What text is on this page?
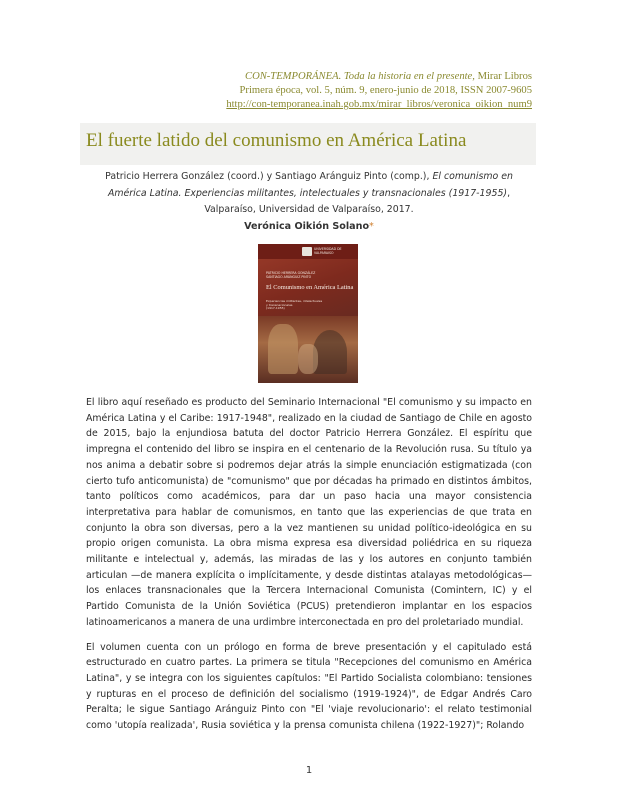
CON-TEMPORÁNEA. Toda la historia en el presente, Mirar Libros
Primera época, vol. 5, núm. 9, enero-junio de 2018, ISSN 2007-9605
http://con-temporanea.inah.gob.mx/mirar_libros/veronica_oikion_num9
El fuerte latido del comunismo en América Latina
Patricio Herrera González (coord.) y Santiago Aránguiz Pinto (comp.), El comunismo en América Latina. Experiencias militantes, intelectuales y transnacionales (1917-1955), Valparaíso, Universidad de Valparaíso, 2017.
Verónica Oikión Solano*
UNIVERSIDAD DE VALPARAISO
PATRICIO HERRERA GONZÁLEZ
SANTIAGO ARÁNGUIZ PINTO
El Comunismo en América Latina
Experiencias militantes, intelectuales
y transnacionales
(1917-1955)

El libro aquí reseñado es producto del Seminario Internacional "El comunismo y su impacto en América Latina y el Caribe: 1917-1948", realizado en la ciudad de Santiago de Chile en agosto de 2015, bajo la enjundiosa batuta del doctor Patricio Herrera González. El espíritu que impregna el contenido del libro se inspira en el centenario de la Revolución rusa. Su título ya nos anima a debatir sobre si podremos dejar atrás la simple enunciación estigmatizada (con cierto tufo anticomunista) de "comunismo" que por décadas ha primado en distintos ámbitos, tanto políticos como académicos, para dar un paso hacia una mayor consistencia interpretativa para hablar de comunismos, en tanto que las experiencias de que trata en conjunto la obra son diversas, pero a la vez mantienen su unidad político-ideológica en su propio origen comunista. La obra misma expresa esa diversidad poliédrica en su riqueza militante e intelectual y, además, las miradas de las y los autores en conjunto también articulan —de manera explícita o implícitamente, y desde distintas atalayas metodológicas— los enlaces transnacionales que la Tercera Internacional Comunista (Comintern, IC) y el Partido Comunista de la Unión Soviética (PCUS) pretendieron implantar en los espacios latinoamericanos a manera de una urdimbre interconectada en pro del proletariado mundial.

El volumen cuenta con un prólogo en forma de breve presentación y el capitulado está estructurado en cuatro partes. La primera se titula "Recepciones del comunismo en América Latina", y se integra con los siguientes capítulos: "El Partido Socialista colombiano: tensiones y rupturas en el proceso de definición del socialismo (1919-1924)", de Edgar Andrés Caro Peralta; le sigue Santiago Aránguiz Pinto con "El 'viaje revolucionario': el relato testimonial como 'utopía realizada', Rusia soviética y la prensa comunista chilena (1922-1927)"; Rolando

1
